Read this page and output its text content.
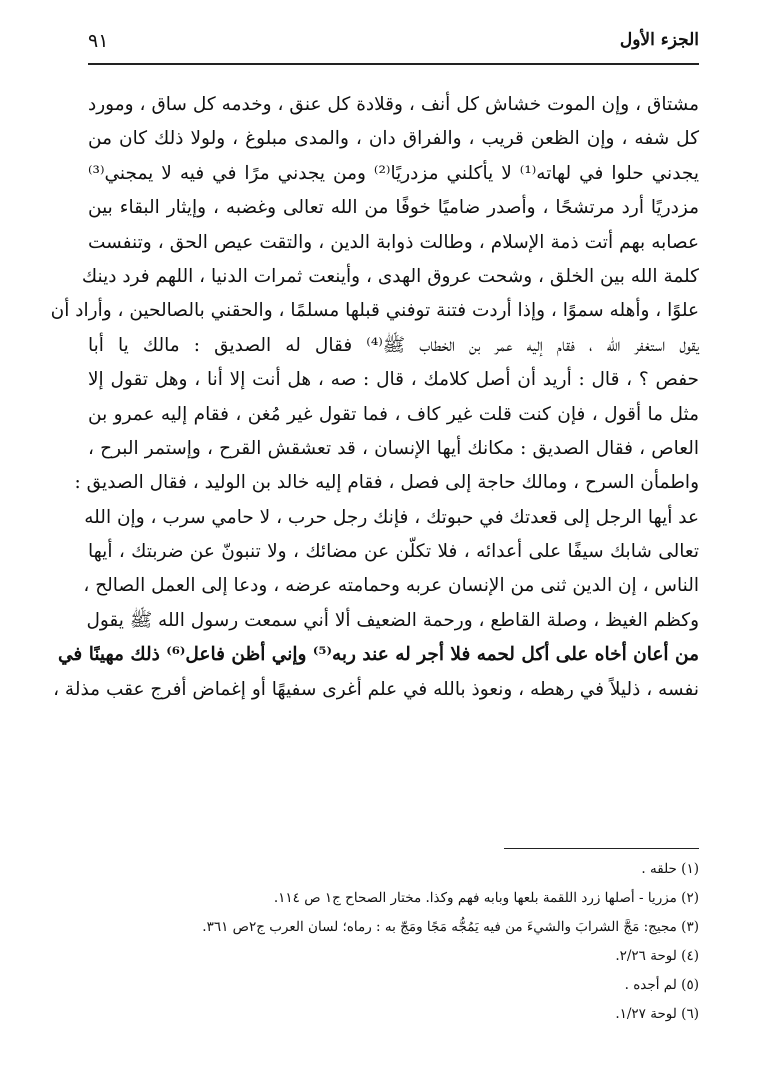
الجزء الأول
٩١
مشتاق ، وإن الموت خشاش كل أنف ، وقلادة كل عنق ، وخدمه كل ساق ، ومورد
كل شفه ، وإن الظعن قريب ، والفراق دان ، والمدى مبلوغ ، ولولا ذلك كان من
يجدني حلوا في لهاته⁽¹⁾ لا يأكلني مزدريًا⁽²⁾ ومن يجدني مرًا في فيه لا يمجني⁽³⁾
مزدريًا أرد مرتشحًا ، وأصدر ضاميًا خوفًا من الله تعالى وغضبه ، وإيثار البقاء بين
عصابه بهم أتت ذمة الإسلام ، وطالت ذوابة الدين ، والتقت عيص الحق ، وتنفست
كلمة الله بين الخلق ، وشحت عروق الهدى ، وأينعت ثمرات الدنيا ، اللهم فرد دينك
علوًا ، وأهله سموًا ، وإذا أردت فتنة توفني قبلها مسلمًا ، والحقني بالصالحين ، وأراد أن
يقول استغفر الله ، فقام إليه عمر بن الخطاب ﷺ⁽⁴⁾ فقال له الصديق : مالك يا أبا
حفص ؟ ، قال : أريد أن أصل كلامك ، قال : صه ، هل أنت إلا أنا ، وهل تقول إلا
مثل ما أقول ، فإن كنت قلت غير كاف ، فما تقول غير مُغن ، فقام إليه عمرو بن
العاص ، فقال الصديق : مكانك أيها الإنسان ، قد تعشقش القرح ، وإستمر البرح ،
واطمأن السرح ، ومالك حاجة إلى فصل ، فقام إليه خالد بن الوليد ، فقال الصديق :
عد أيها الرجل إلى قعدتك في حبوتك ، فإنك رجل حرب ، لا حامي سرب ، وإن الله
تعالى شابك سيفًا على أعدائه ، فلا تكلّن عن مضائك ، ولا تنبونّ عن ضربتك ، أيها
الناس ، إن الدين ثنى من الإنسان عربه وحمامته عرضه ، ودعا إلى العمل الصالح ،
وكظم الغيظ ، وصلة القاطع ، ورحمة الضعيف ألا أني سمعت رسول الله ﷺ يقول
من أعان أخاه على أكل لحمه فلا أجر له عند ربه⁽⁵⁾ وإني أظن فاعل⁽⁶⁾ ذلك مهينًا في
نفسه ، ذليلاً في رهطه ، ونعوذ بالله في علم أغرى سفيهًا أو إغماض أفرج عقب مذلة ،
(١) حلقه .
(٢) مزريا - أصلها زرد اللقمة بلعها وبابه فهم وكذا. مختار الصحاح ج١ ص ١١٤.
(٣) مجيج: مَجَّ الشرابَ والشيءَ من فيه يَمُجُّه مَجًا ومَجّ به : رماه؛ لسان العرب ج٢ص ٣٦١.
(٤) لوحة ٢/٢٦.
(٥) لم أجده .
(٦) لوحة ١/٢٧.
